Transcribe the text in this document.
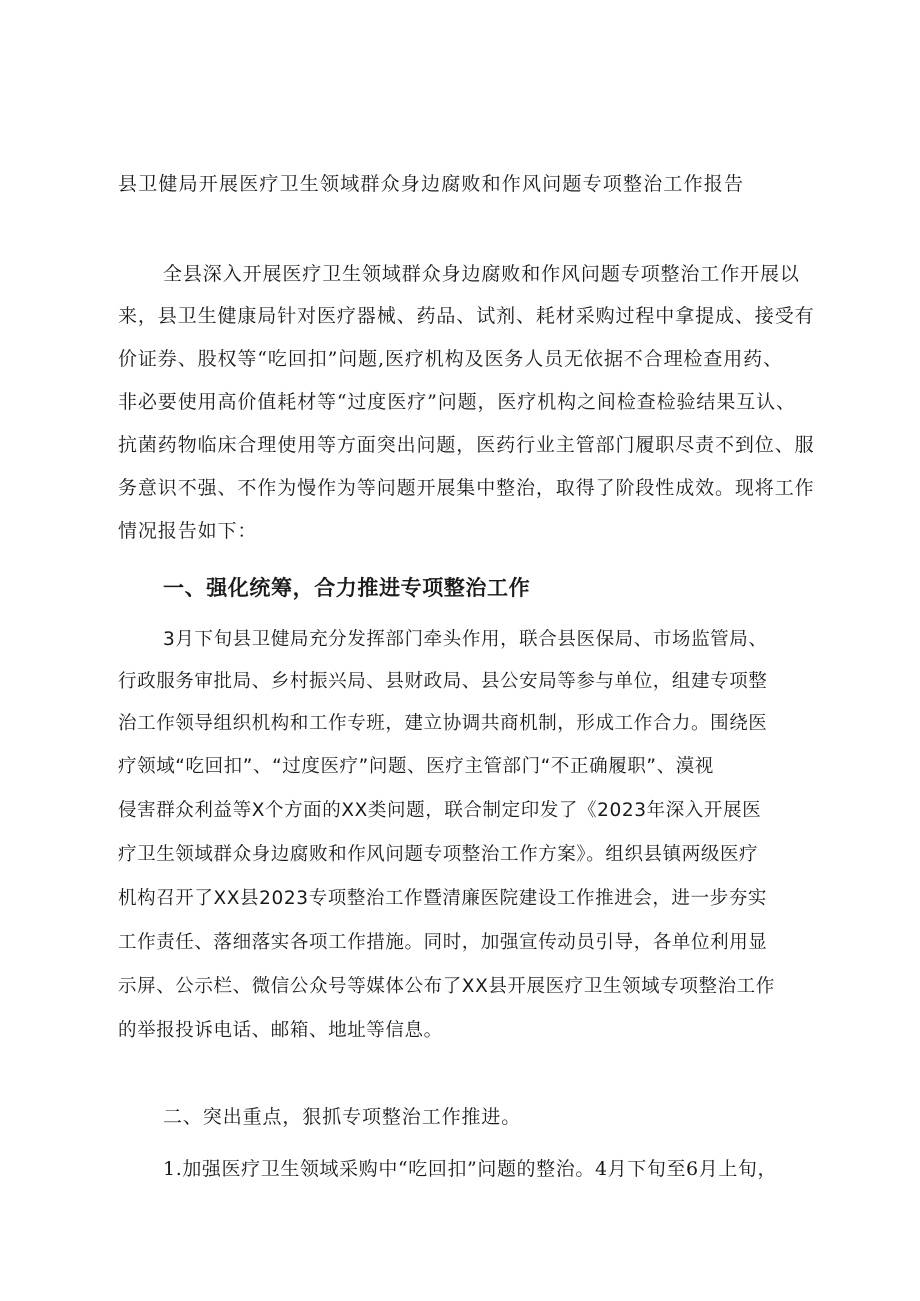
县卫健局开展医疗卫生领域群众身边腐败和作风问题专项整治工作报告

全县深入开展医疗卫生领域群众身边腐败和作风问题专项整治工作开展以

来，县卫生健康局针对医疗器械、药品、试剂、耗材采购过程中拿提成、接受有

价证券、股权等“吃回扣”问题,医疗机构及医务人员无依据不合理检查用药、

非必要使用高价值耗材等“过度医疗”问题，医疗机构之间检查检验结果互认、

抗菌药物临床合理使用等方面突出问题，医药行业主管部门履职尽责不到位、服

务意识不强、不作为慢作为等问题开展集中整治，取得了阶段性成效。现将工作

情况报告如下：

一、强化统筹，合力推进专项整治工作

3月下旬县卫健局充分发挥部门牵头作用，联合县医保局、市场监管局、

行政服务审批局、乡村振兴局、县财政局、县公安局等参与单位，组建专项整

治工作领导组织机构和工作专班，建立协调共商机制，形成工作合力。围绕医

疗领域“吃回扣”、“过度医疗”问题、医疗主管部门“不正确履职”、漠视

侵害群众利益等X个方面的XX类问题，联合制定印发了《2023年深入开展医

疗卫生领域群众身边腐败和作风问题专项整治工作方案》。组织县镇两级医疗

机构召开了XX县2023专项整治工作暨清廉医院建设工作推进会，进一步夯实

工作责任、落细落实各项工作措施。同时，加强宣传动员引导，各单位利用显

示屏、公示栏、微信公众号等媒体公布了XX县开展医疗卫生领域专项整治工作

的举报投诉电话、邮箱、地址等信息。

二、突出重点，狠抓专项整治工作推进。

1.加强医疗卫生领域采购中“吃回扣”问题的整治。4月下旬至6月上旬，
